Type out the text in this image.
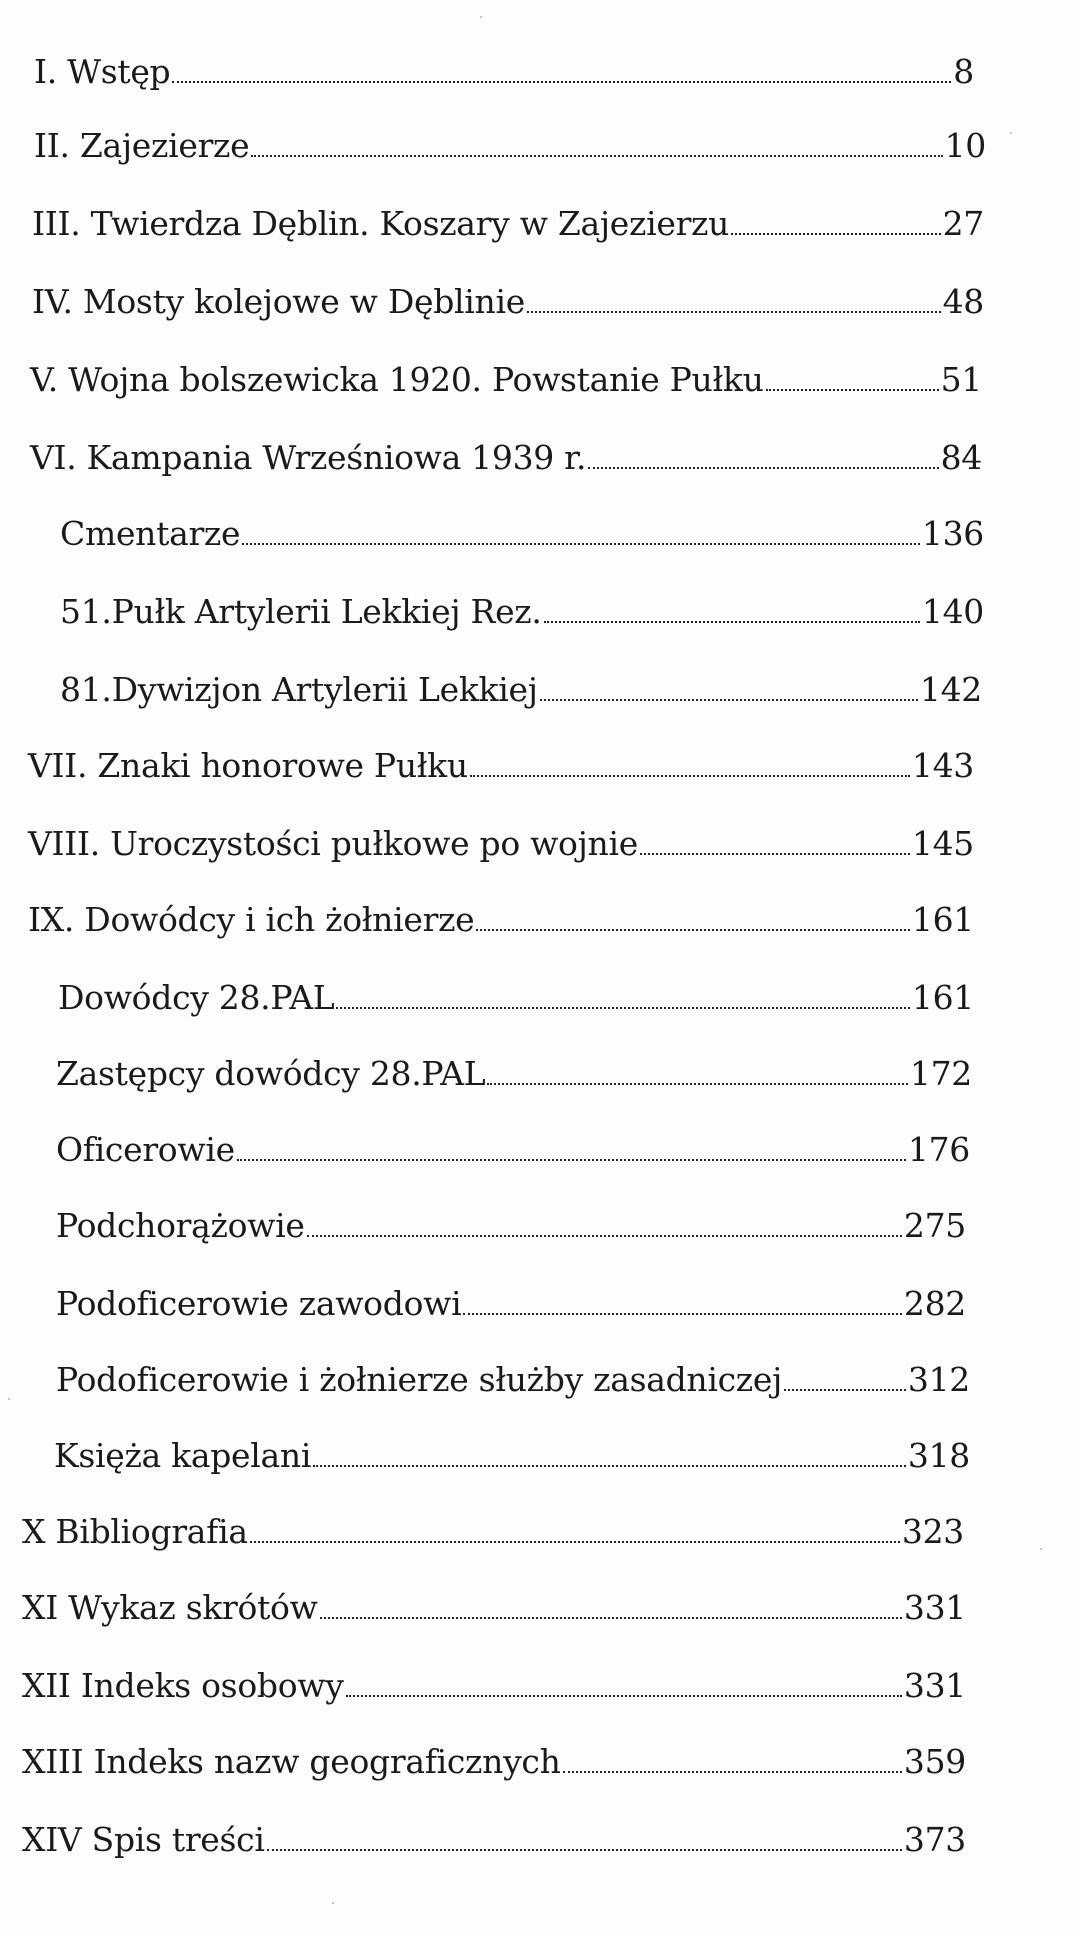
I. Wstęp	8
II. Zajezierze	10
III. Twierdza Dęblin. Koszary w Zajezierzu	27
IV. Mosty kolejowe w Dęblinie	48
V. Wojna bolszewicka 1920. Powstanie Pułku	51
VI. Kampania Wrześniowa 1939 r.	84
Cmentarze	136
51.Pułk Artylerii Lekkiej Rez.	140
81.Dywizjon Artylerii Lekkiej	142
VII. Znaki honorowe Pułku	143
VIII. Uroczystości pułkowe po wojnie	145
IX. Dowódcy i ich żołnierze	161
Dowódcy 28.PAL	161
Zastępcy dowódcy 28.PAL	172
Oficerowie	176
Podchorążowie	275
Podoficerowie zawodowi	282
Podoficerowie i żołnierze służby zasadniczej	312
Księża kapelani	318
X Bibliografia	323
XI Wykaz skrótów	331
XII Indeks osobowy	331
XIII Indeks nazw geograficznych	359
XIV Spis treści	373
